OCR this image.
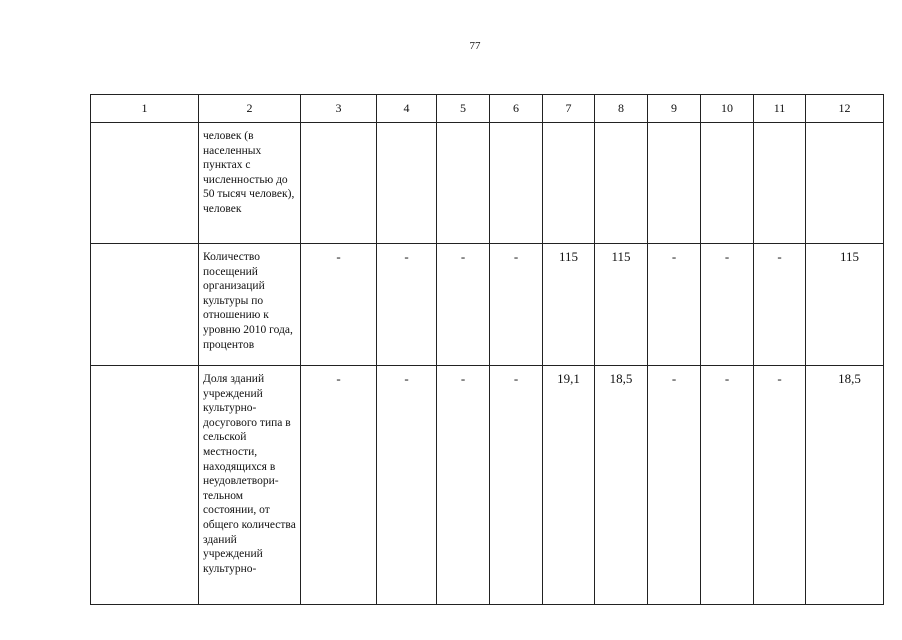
77
1	2	3	4	5	6	7	8	9	10	11	12
	человек (в населенных пунктах с численностью до 50 тысяч человек), человек										
	Количество посещений организаций культуры по отношению к уровню 2010 года, процентов	-	-	-	-	115	115	-	-	-	115
	Доля зданий учреждений культурно-досугового типа в сельской местности, находящихся в неудовлетвори-тельном состоянии, от общего количества зданий учреждений культурно-	-	-	-	-	19,1	18,5	-	-	-	18,5
